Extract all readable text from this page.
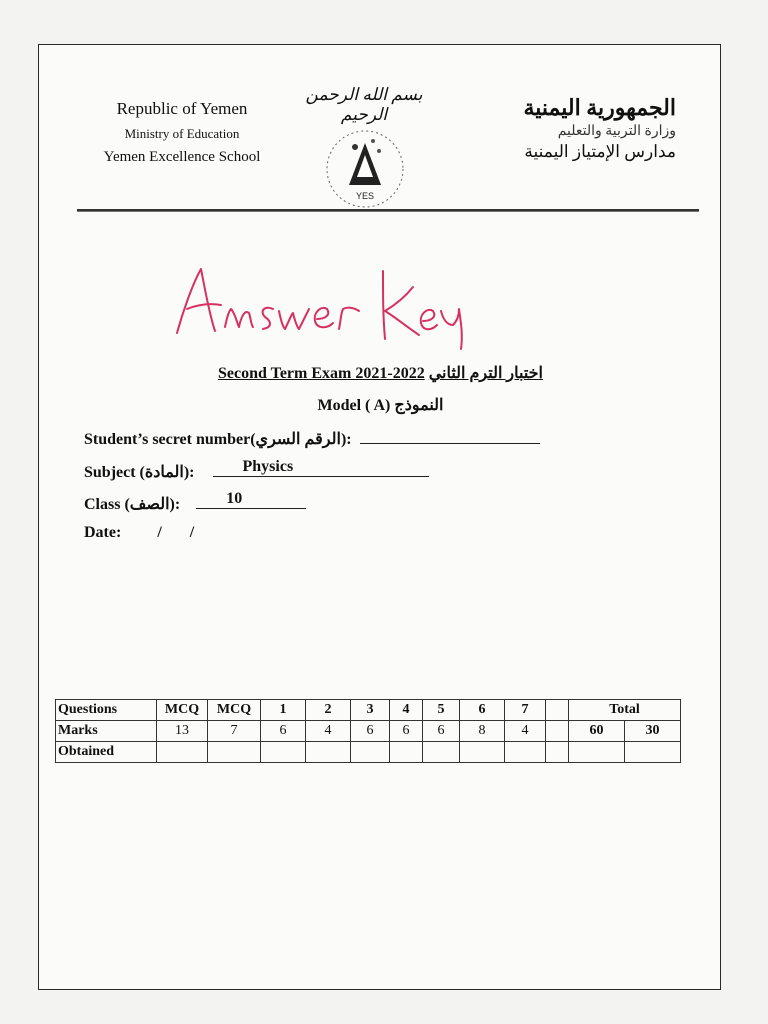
Republic of Yemen
Ministry of Education
Yemen Excellence School
بسم الله الرحمن الرحيم
YES
الجمهورية اليمنية
وزارة التربية والتعليم
مدارس الإمتياز اليمنية
Second Term Exam 2021-2022 اختبار الترم الثاني
Model ( A) النموذج
Student’s secret number(الرقم السري):
Subject (المادة):	Physics
Class (الصف):	10
Date: /       /
Questions	MCQ	MCQ	1	2	3	4	5	6	7		Total	
Marks	13	7	6	4	6	6	6	8	4		60	30
Obtained												
